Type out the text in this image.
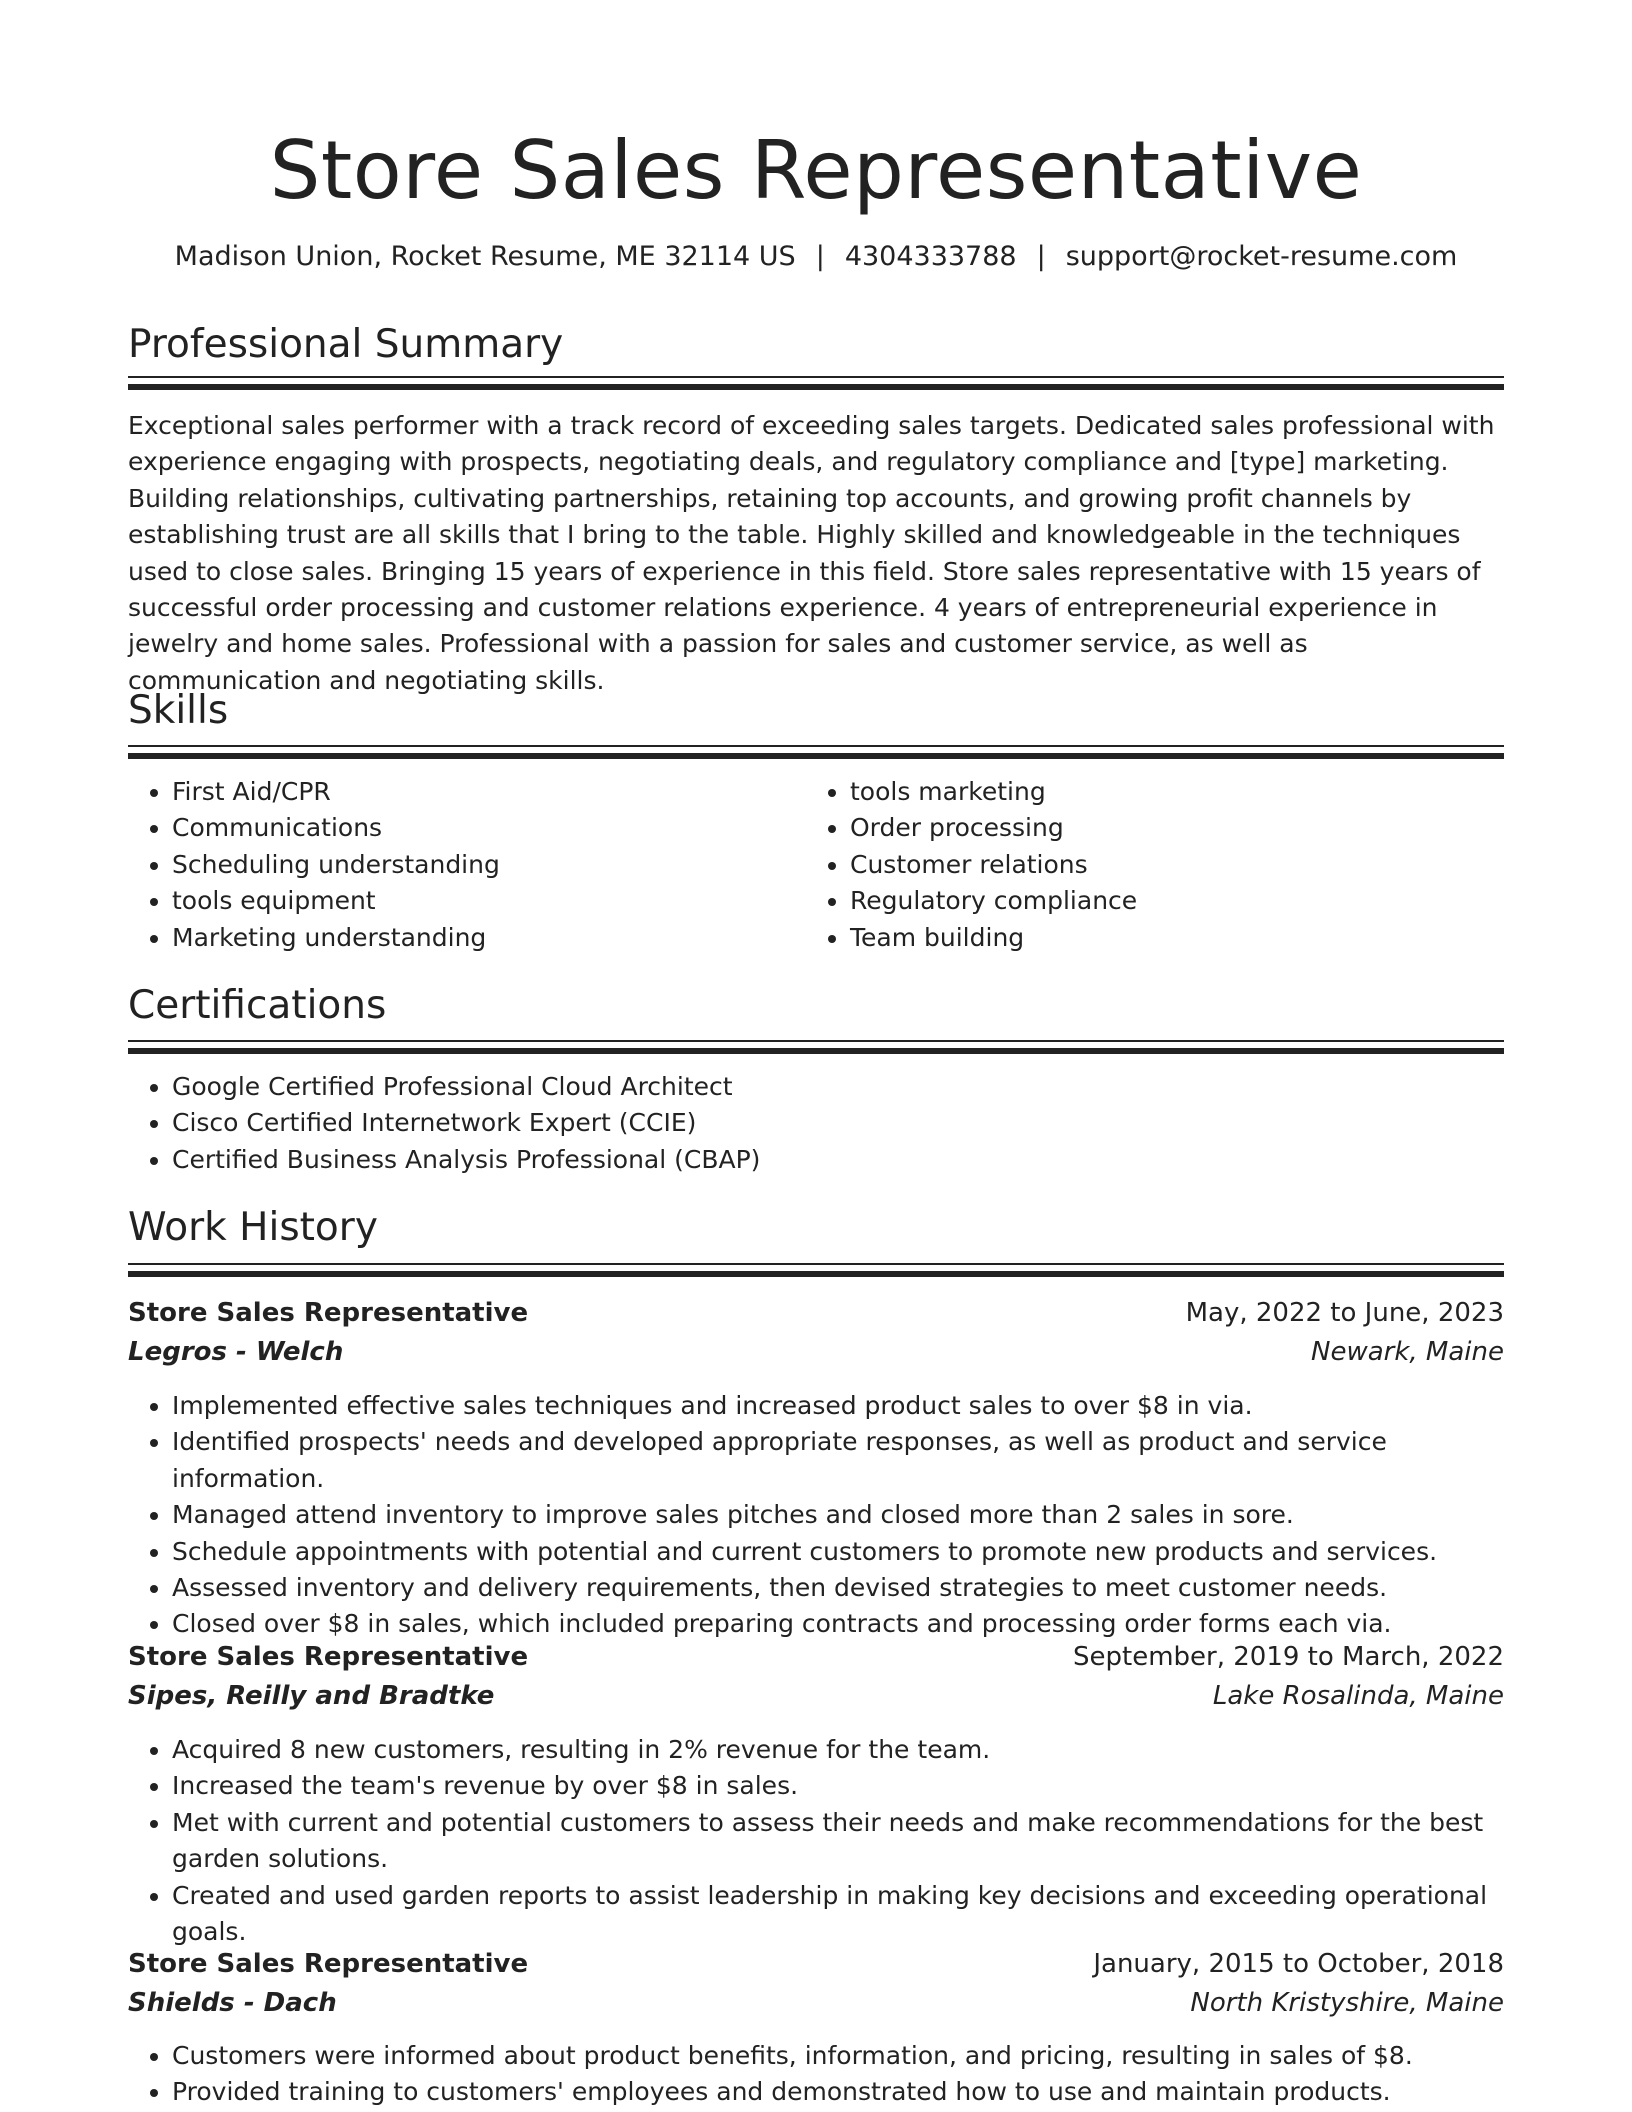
Store Sales Representative
Madison Union, Rocket Resume, ME 32114 US | 4304333788 | support@rocket-resume.com
Professional Summary

Exceptional sales performer with a track record of exceeding sales targets. Dedicated sales professional with experience engaging with prospects, negotiating deals, and regulatory compliance and [type] marketing. Building relationships, cultivating partnerships, retaining top accounts, and growing profit channels by establishing trust are all skills that I bring to the table. Highly skilled and knowledgeable in the techniques used to close sales. Bringing 15 years of experience in this field. Store sales representative with 15 years of successful order processing and customer relations experience. 4 years of entrepreneurial experience in jewelry and home sales. Professional with a passion for sales and customer service, as well as communication and negotiating skills.

Skills
• First Aid/CPR
• Communications
• Scheduling understanding
• tools equipment
• Marketing understanding
• tools marketing
• Order processing
• Customer relations
• Regulatory compliance
• Team building
Certifications
• Google Certified Professional Cloud Architect
• Cisco Certified Internetwork Expert (CCIE)
• Certified Business Analysis Professional (CBAP)
Work History
Store Sales Representative	May, 2022 to June, 2023
Legros - Welch	Newark, Maine
• Implemented effective sales techniques and increased product sales to over $8 in via.
• Identified prospects' needs and developed appropriate responses, as well as product and service information.
• Managed attend inventory to improve sales pitches and closed more than 2 sales in sore.
• Schedule appointments with potential and current customers to promote new products and services.
• Assessed inventory and delivery requirements, then devised strategies to meet customer needs.
• Closed over $8 in sales, which included preparing contracts and processing order forms each via.
Store Sales Representative	September, 2019 to March, 2022
Sipes, Reilly and Bradtke	Lake Rosalinda, Maine
• Acquired 8 new customers, resulting in 2% revenue for the team.
• Increased the team's revenue by over $8 in sales.
• Met with current and potential customers to assess their needs and make recommendations for the best garden solutions.
• Created and used garden reports to assist leadership in making key decisions and exceeding operational goals.
Store Sales Representative	January, 2015 to October, 2018
Shields - Dach	North Kristyshire, Maine
• Customers were informed about product benefits, information, and pricing, resulting in sales of $8.
• Provided training to customers' employees and demonstrated how to use and maintain products.
